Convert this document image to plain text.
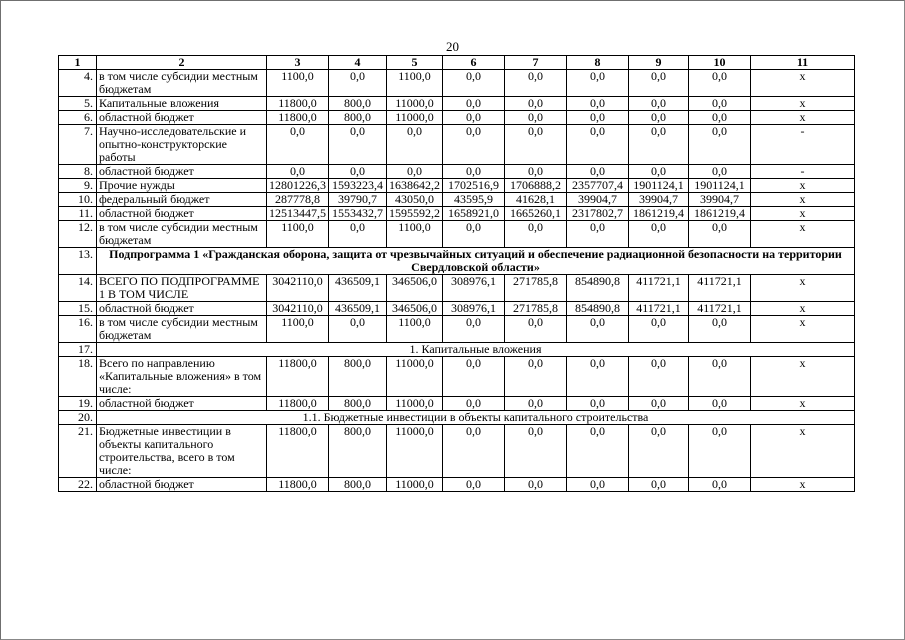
20
1	2	3	4	5	6	7	8	9	10	11
4.	в том числе субсидии местным бюджетам	1100,0	0,0	1100,0	0,0	0,0	0,0	0,0	0,0	х
5.	Капитальные вложения	11800,0	800,0	11000,0	0,0	0,0	0,0	0,0	0,0	х
6.	областной бюджет	11800,0	800,0	11000,0	0,0	0,0	0,0	0,0	0,0	х
7.	Научно-исследовательские и опытно-конструкторские работы	0,0	0,0	0,0	0,0	0,0	0,0	0,0	0,0	-
8.	областной бюджет	0,0	0,0	0,0	0,0	0,0	0,0	0,0	0,0	-
9.	Прочие нужды	12801226,3	1593223,4	1638642,2	1702516,9	1706888,2	2357707,4	1901124,1	1901124,1	х
10.	федеральный бюджет	287778,8	39790,7	43050,0	43595,9	41628,1	39904,7	39904,7	39904,7	х
11.	областной бюджет	12513447,5	1553432,7	1595592,2	1658921,0	1665260,1	2317802,7	1861219,4	1861219,4	х
12.	в том числе субсидии местным бюджетам	1100,0	0,0	1100,0	0,0	0,0	0,0	0,0	0,0	х
13.	Подпрограмма 1 «Гражданская оборона, защита от чрезвычайных ситуаций и обеспечение радиационной безопасности на территории Свердловской области»									
14.	ВСЕГО ПО ПОДПРОГРАММЕ 1 В ТОМ ЧИСЛЕ	3042110,0	436509,1	346506,0	308976,1	271785,8	854890,8	411721,1	411721,1	х
15.	областной бюджет	3042110,0	436509,1	346506,0	308976,1	271785,8	854890,8	411721,1	411721,1	х
16.	в том числе субсидии местным бюджетам	1100,0	0,0	1100,0	0,0	0,0	0,0	0,0	0,0	х
17.	1. Капитальные вложения									
18.	Всего по направлению «Капитальные вложения» в том числе:	11800,0	800,0	11000,0	0,0	0,0	0,0	0,0	0,0	х
19.	областной бюджет	11800,0	800,0	11000,0	0,0	0,0	0,0	0,0	0,0	х
20.	1.1. Бюджетные инвестиции в объекты капитального строительства									
21.	Бюджетные инвестиции в объекты капитального строительства, всего в том числе:	11800,0	800,0	11000,0	0,0	0,0	0,0	0,0	0,0	х
22.	областной бюджет	11800,0	800,0	11000,0	0,0	0,0	0,0	0,0	0,0	х
